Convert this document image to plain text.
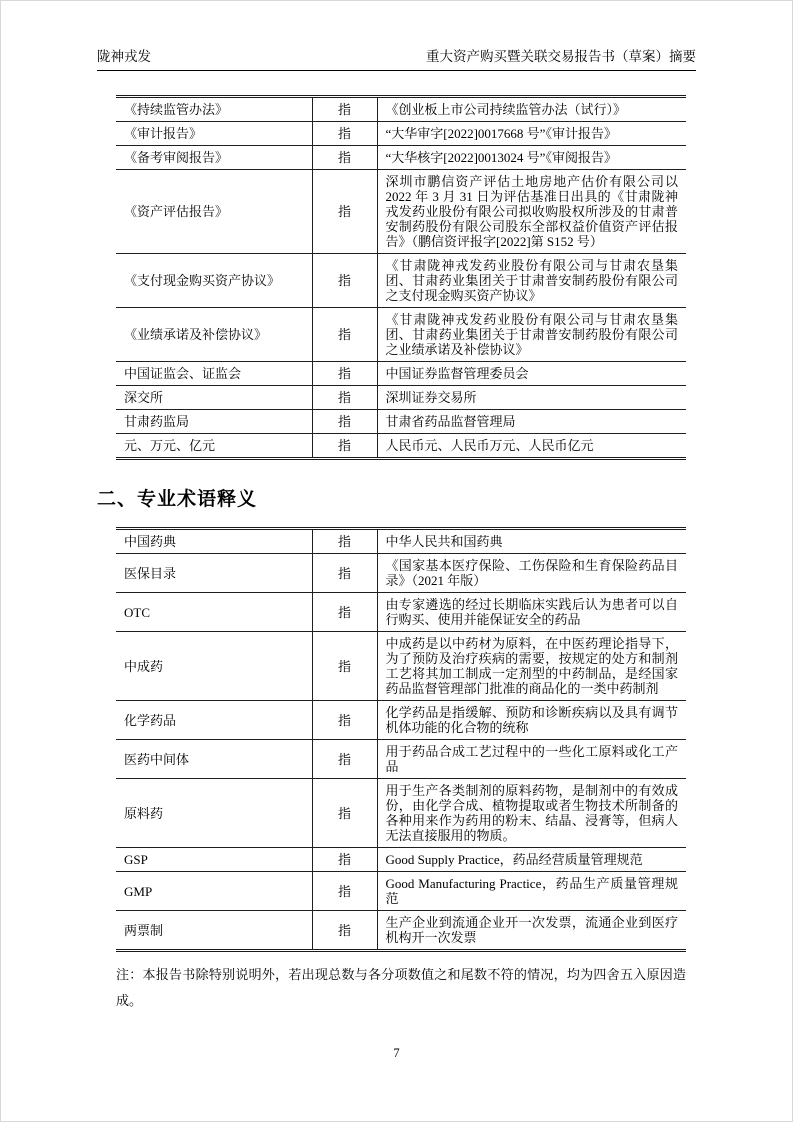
陇神戎发	重大资产购买暨关联交易报告书（草案）摘要
《持续监管办法》	指	《创业板上市公司持续监管办法（试行）》
《审计报告》	指	“大华审字[2022]0017668 号”《审计报告》
《备考审阅报告》	指	“大华核字[2022]0013024 号”《审阅报告》
《资产评估报告》	指	深圳市鹏信资产评估土地房地产估价有限公司以 2022 年 3 月 31 日为评估基准日出具的《甘肃陇神戎发药业股份有限公司拟收购股权所涉及的甘肃普安制药股份有限公司股东全部权益价值资产评估报告》（鹏信资评报字[2022]第 S152 号）
《支付现金购买资产协议》	指	《甘肃陇神戎发药业股份有限公司与甘肃农垦集团、甘肃药业集团关于甘肃普安制药股份有限公司之支付现金购买资产协议》
《业绩承诺及补偿协议》	指	《甘肃陇神戎发药业股份有限公司与甘肃农垦集团、甘肃药业集团关于甘肃普安制药股份有限公司之业绩承诺及补偿协议》
中国证监会、证监会	指	中国证券监督管理委员会
深交所	指	深圳证券交易所
甘肃药监局	指	甘肃省药品监督管理局
元、万元、亿元	指	人民币元、人民币万元、人民币亿元
二、专业术语释义
中国药典	指	中华人民共和国药典
医保目录	指	《国家基本医疗保险、工伤保险和生育保险药品目录》（2021 年版）
OTC	指	由专家遴选的经过长期临床实践后认为患者可以自行购买、使用并能保证安全的药品
中成药	指	中成药是以中药材为原料，在中医药理论指导下，为了预防及治疗疾病的需要，按规定的处方和制剂工艺将其加工制成一定剂型的中药制品，是经国家药品监督管理部门批准的商品化的一类中药制剂
化学药品	指	化学药品是指缓解、预防和诊断疾病以及具有调节机体功能的化合物的统称
医药中间体	指	用于药品合成工艺过程中的一些化工原料或化工产品
原料药	指	用于生产各类制剂的原料药物，是制剂中的有效成份，由化学合成、植物提取或者生物技术所制备的各种用来作为药用的粉末、结晶、浸膏等，但病人无法直接服用的物质。
GSP	指	Good Supply Practice，药品经营质量管理规范
GMP	指	Good Manufacturing Practice，药品生产质量管理规范
两票制	指	生产企业到流通企业开一次发票，流通企业到医疗机构开一次发票

注：本报告书除特别说明外，若出现总数与各分项数值之和尾数不符的情况，均为四舍五入原因造成。

7
